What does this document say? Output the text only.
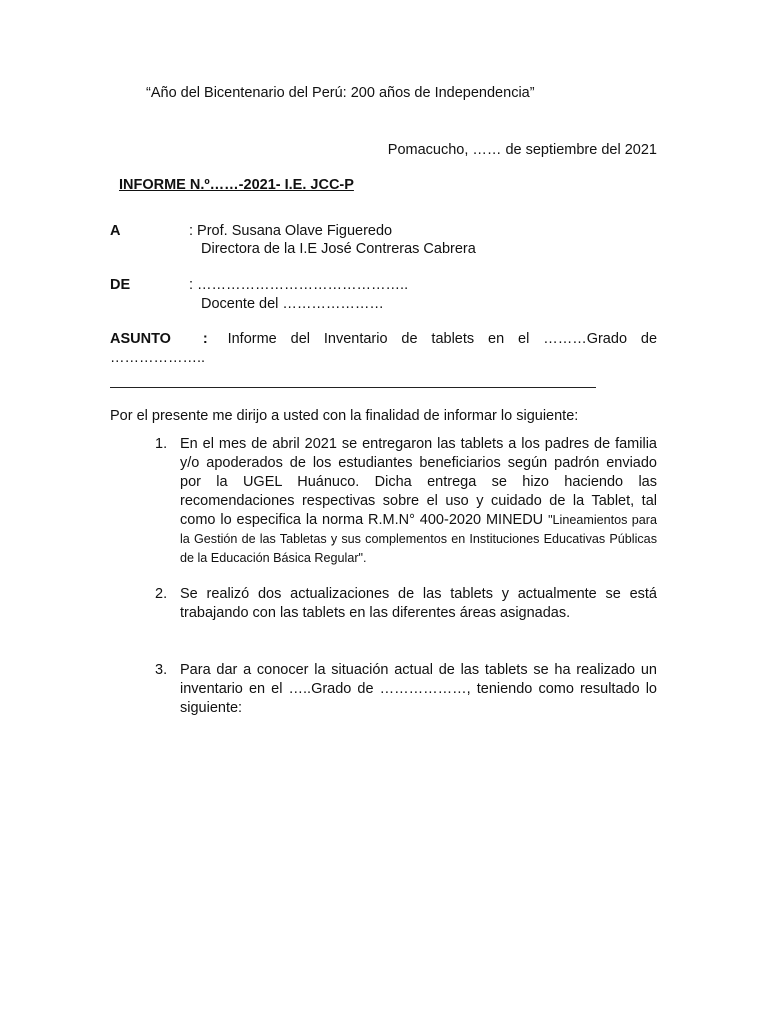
“Año del Bicentenario del Perú: 200 años de Independencia”
Pomacucho, …… de septiembre del 2021
INFORME N.º……-2021- I.E. JCC-P
A	: Prof. Susana Olave Figueredo
Directora de la I.E José Contreras Cabrera
DE	: ……………………………………..
Docente del …………………
ASUNTO : Informe del Inventario de tablets en el ………Grado de
………………..
Por el presente me dirijo a usted con la finalidad de informar lo siguiente:
1. En el mes de abril 2021 se entregaron las tablets a los padres de familia y/o apoderados de los estudiantes beneficiarios según padrón enviado por la UGEL Huánuco. Dicha entrega se hizo haciendo las recomendaciones respectivas sobre el uso y cuidado de la Tablet, tal como lo especifica la norma R.M.N° 400-2020 MINEDU "Lineamientos para la Gestión de las Tabletas y sus complementos en Instituciones Educativas Públicas de la Educación Básica Regular".
2. Se realizó dos actualizaciones de las tablets y actualmente se está trabajando con las tablets en las diferentes áreas asignadas.
3. Para dar a conocer la situación actual de las tablets se ha realizado un inventario en el …..Grado de ………………, teniendo como resultado lo siguiente:
